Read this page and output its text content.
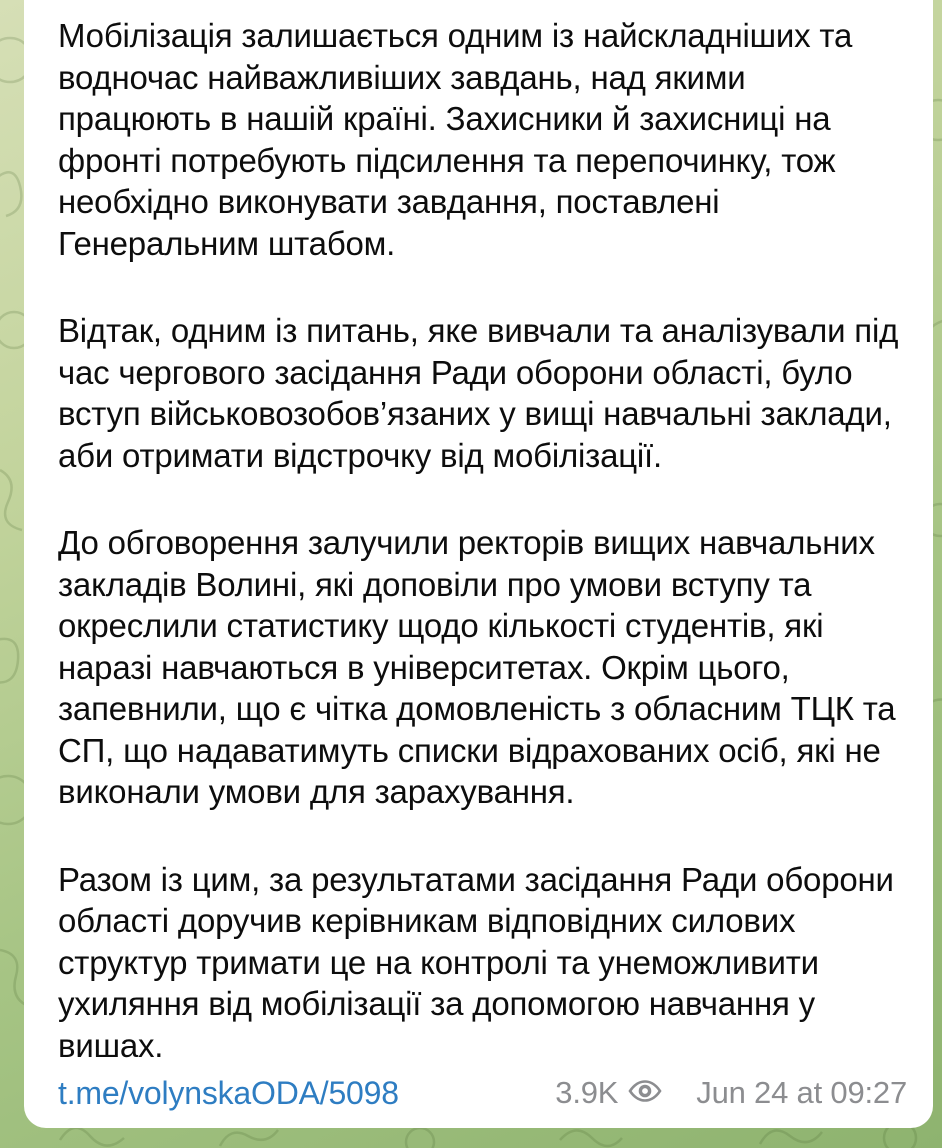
Мобілізація залишається одним із найскладніших та водночас найважливіших завдань, над якими працюють в нашій країні. Захисники й захисниці на фронті потребують підсилення та перепочинку, тож необхідно виконувати завдання, поставлені Генеральним штабом.

Відтак, одним із питань, яке вивчали та аналізували під час чергового засідання Ради оборони області, було вступ військовозобов’язаних у вищі навчальні заклади, аби отримати відстрочку від мобілізації.

До обговорення залучили ректорів вищих навчальних закладів Волині, які доповіли про умови вступу та окреслили статистику щодо кількості студентів, які наразі навчаються в університетах. Окрім цього, запевнили, що є чітка домовленість з обласним ТЦК та СП, що надаватимуть списки відрахованих осіб, які не виконали умови для зарахування.

Разом із цим, за результатами засідання Ради оборони області доручив керівникам відповідних силових структур тримати це на контролі та унеможливити ухиляння від мобілізації за допомогою навчання у вишах.

t.me/volynskaODA/5098	3.9K	Jun 24 at 09:27
